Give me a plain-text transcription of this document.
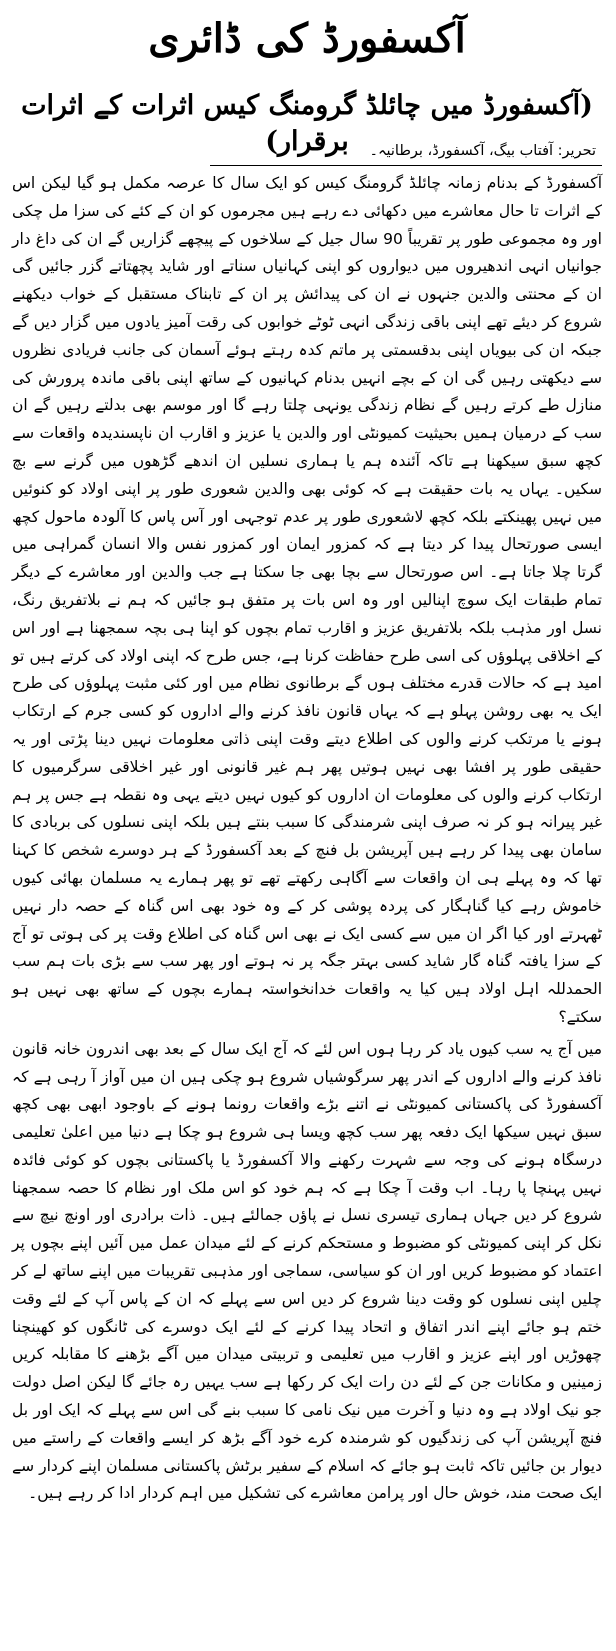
آکسفورڈ کی ڈائری
(آکسفورڈ میں چائلڈ گرومنگ کیس اثرات کے اثرات برقرار)	تحریر: آفتاب بیگ، آکسفورڈ، برطانیہ۔

آکسفورڈ کے بدنام زمانہ چائلڈ گرومنگ کیس کو ایک سال کا عرصہ مکمل ہو گیا لیکن اس کے اثرات تا حال معاشرے میں دکھائی دے رہے ہیں مجرموں کو ان کے کئے کی سزا مل چکی اور وہ مجموعی طور پر تقریباً 90 سال جیل کے سلاخوں کے پیچھے گزاریں گے ان کی داغ دار جوانیاں انہی اندھیروں میں دیواروں کو اپنی کہانیاں سناتے اور شاید پچھتاتے گزر جائیں گی ان کے محنتی والدین جنہوں نے ان کی پیدائش پر ان کے تابناک مستقبل کے خواب دیکھنے شروع کر دیئے تھے اپنی باقی زندگی انہی ٹوٹے خوابوں کی رقت آمیز یادوں میں گزار دیں گے جبکہ ان کی بیویاں اپنی بدقسمتی پر ماتم کدہ رہتے ہوئے آسمان کی جانب فریادی نظروں سے دیکھتی رہیں گی ان کے بچے انہیں بدنام کہانیوں کے ساتھ اپنی باقی ماندہ پرورش کی منازل طے کرتے رہیں گے نظام زندگی یونہی چلتا رہے گا اور موسم بھی بدلتے رہیں گے ان سب کے درمیان ہمیں بحیثیت کمیونٹی اور والدین یا عزیز و اقارب ان ناپسندیدہ واقعات سے کچھ سبق سیکھنا ہے تاکہ آئندہ ہم یا ہماری نسلیں ان اندھے گڑھوں میں گرنے سے بچ سکیں۔ یہاں یہ بات حقیقت ہے کہ کوئی بھی والدین شعوری طور پر اپنی اولاد کو کنوئیں میں نہیں پھینکتے بلکہ کچھ لاشعوری طور پر عدم توجہی اور آس پاس کا آلودہ ماحول کچھ ایسی صورتحال پیدا کر دیتا ہے کہ کمزور ایمان اور کمزور نفس والا انسان گمراہی میں گرتا چلا جاتا ہے۔ اس صورتحال سے بچا بھی جا سکتا ہے جب والدین اور معاشرے کے دیگر تمام طبقات ایک سوچ اپنالیں اور وہ اس بات پر متفق ہو جائیں کہ ہم نے بلاتفریق رنگ، نسل اور مذہب بلکہ بلاتفریق عزیز و اقارب تمام بچوں کو اپنا ہی بچہ سمجھنا ہے اور اس کے اخلاقی پہلوؤں کی اسی طرح حفاظت کرنا ہے، جس طرح کہ اپنی اولاد کی کرتے ہیں تو امید ہے کہ حالات قدرے مختلف ہوں گے برطانوی نظام میں اور کئی مثبت پہلوؤں کی طرح ایک یہ بھی روشن پہلو ہے کہ یہاں قانون نافذ کرنے والے اداروں کو کسی جرم کے ارتکاب ہونے یا مرتکب کرنے والوں کی اطلاع دیتے وقت اپنی ذاتی معلومات نہیں دینا پڑتی اور یہ حقیقی طور پر افشا بھی نہیں ہوتیں پھر ہم غیر قانونی اور غیر اخلاقی سرگرمیوں کا ارتکاب کرنے والوں کی معلومات ان اداروں کو کیوں نہیں دیتے یہی وہ نقطہ ہے جس پر ہم غیر پیرانہ ہو کر نہ صرف اپنی شرمندگی کا سبب بنتے ہیں بلکہ اپنی نسلوں کی بربادی کا سامان بھی پیدا کر رہے ہیں آپریشن بل فنچ کے بعد آکسفورڈ کے ہر دوسرے شخص کا کہنا تھا کہ وہ پہلے ہی ان واقعات سے آگاہی رکھتے تھے تو پھر ہمارے یہ مسلمان بھائی کیوں خاموش رہے کیا گناہگار کی پردہ پوشی کر کے وہ خود بھی اس گناہ کے حصہ دار نہیں ٹھہرتے اور کیا اگر ان میں سے کسی ایک نے بھی اس گناہ کی اطلاع وقت پر کی ہوتی تو آج کے سزا یافتہ گناہ گار شاید کسی بہتر جگہ پر نہ ہوتے اور پھر سب سے بڑی بات ہم سب الحمدللہ اہل اولاد ہیں کیا یہ واقعات خدانخواستہ ہمارے بچوں کے ساتھ بھی نہیں ہو سکتے؟

میں آج یہ سب کیوں یاد کر رہا ہوں اس لئے کہ آج ایک سال کے بعد بھی اندرون خانہ قانون نافذ کرنے والے اداروں کے اندر پھر سرگوشیاں شروع ہو چکی ہیں ان میں آواز آ رہی ہے کہ آکسفورڈ کی پاکستانی کمیونٹی نے اتنے بڑے واقعات رونما ہونے کے باوجود ابھی بھی کچھ سبق نہیں سیکھا ایک دفعہ پھر سب کچھ ویسا ہی شروع ہو چکا ہے دنیا میں اعلیٰ تعلیمی درسگاہ ہونے کی وجہ سے شہرت رکھنے والا آکسفورڈ یا پاکستانی بچوں کو کوئی فائدہ نہیں پہنچا پا رہا۔ اب وقت آ چکا ہے کہ ہم خود کو اس ملک اور نظام کا حصہ سمجھنا شروع کر دیں جہاں ہماری تیسری نسل نے پاؤں جمالئے ہیں۔ ذات برادری اور اونچ نیچ سے نکل کر اپنی کمیونٹی کو مضبوط و مستحکم کرنے کے لئے میدان عمل میں آئیں اپنے بچوں پر اعتماد کو مضبوط کریں اور ان کو سیاسی، سماجی اور مذہبی تقریبات میں اپنے ساتھ لے کر چلیں اپنی نسلوں کو وقت دینا شروع کر دیں اس سے پہلے کہ ان کے پاس آپ کے لئے وقت ختم ہو جائے اپنے اندر اتفاق و اتحاد پیدا کرنے کے لئے ایک دوسرے کی ٹانگوں کو کھینچنا چھوڑیں اور اپنے عزیز و اقارب میں تعلیمی و تربیتی میدان میں آگے بڑھنے کا مقابلہ کریں زمینیں و مکانات جن کے لئے دن رات ایک کر رکھا ہے سب یہیں رہ جائے گا لیکن اصل دولت جو نیک اولاد ہے وہ دنیا و آخرت میں نیک نامی کا سبب بنے گی اس سے پہلے کہ ایک اور بل فنچ آپریشن آپ کی زندگیوں کو شرمندہ کرے خود آگے بڑھ کر ایسے واقعات کے راستے میں دیوار بن جائیں تاکہ ثابت ہو جائے کہ اسلام کے سفیر برٹش پاکستانی مسلمان اپنے کردار سے ایک صحت مند، خوش حال اور پرامن معاشرے کی تشکیل میں اہم کردار ادا کر رہے ہیں۔
